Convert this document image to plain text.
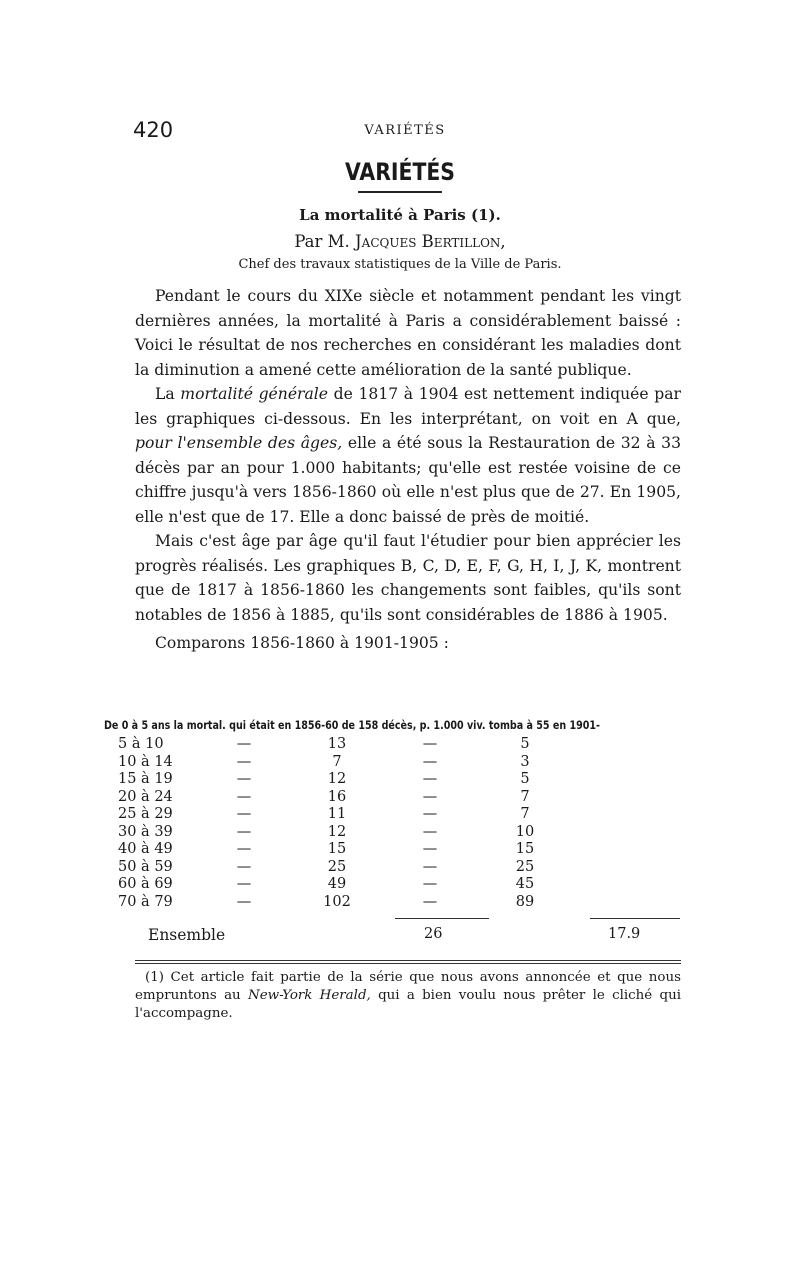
420	VARIÉTÉS
VARIÉTÉS
La mortalité à Paris (1).
Par M. Jacques Bertillon,
Chef des travaux statistiques de la Ville de Paris.

Pendant le cours du XIXe siècle et notamment pendant les vingt dernières années, la mortalité à Paris a considérablement baissé : Voici le résultat de nos recherches en considérant les maladies dont la diminution a amené cette amélioration de la santé publique.

La mortalité générale de 1817 à 1904 est nettement indiquée par les graphiques ci-dessous. En les interprétant, on voit en A que, pour l'ensemble des âges, elle a été sous la Restauration de 32 à 33 décès par an pour 1.000 habitants; qu'elle est restée voisine de ce chiffre jusqu'à vers 1856-1860 où elle n'est plus que de 27. En 1905, elle n'est que de 17. Elle a donc baissé de près de moitié.

Mais c'est âge par âge qu'il faut l'étudier pour bien apprécier les progrès réalisés. Les graphiques B, C, D, E, F, G, H, I, J, K, montrent que de 1817 à 1856-1860 les changements sont faibles, qu'ils sont notables de 1856 à 1885, qu'ils sont considérables de 1886 à 1905.

Comparons 1856-1860 à 1901-1905 :

De 0 à 5 ans la mortal. qui était en 1856-60 de 158 décès, p. 1.000 viv. tomba à 55 en 1901-
5 à 10	—	13	—	5
10 à 14	—	7	—	3
15 à 19	—	12	—	5
20 à 24	—	16	—	7
25 à 29	—	11	—	7
30 à 39	—	12	—	10
40 à 49	—	15	—	15
50 à 59	—	25	—	25
60 à 69	—	49	—	45
70 à 79	—	102	—	89
Ensemble	26	17.9

(1) Cet article fait partie de la série que nous avons annoncée et que nous empruntons au New-York Herald, qui a bien voulu nous prêter le cliché qui l'accompagne.
